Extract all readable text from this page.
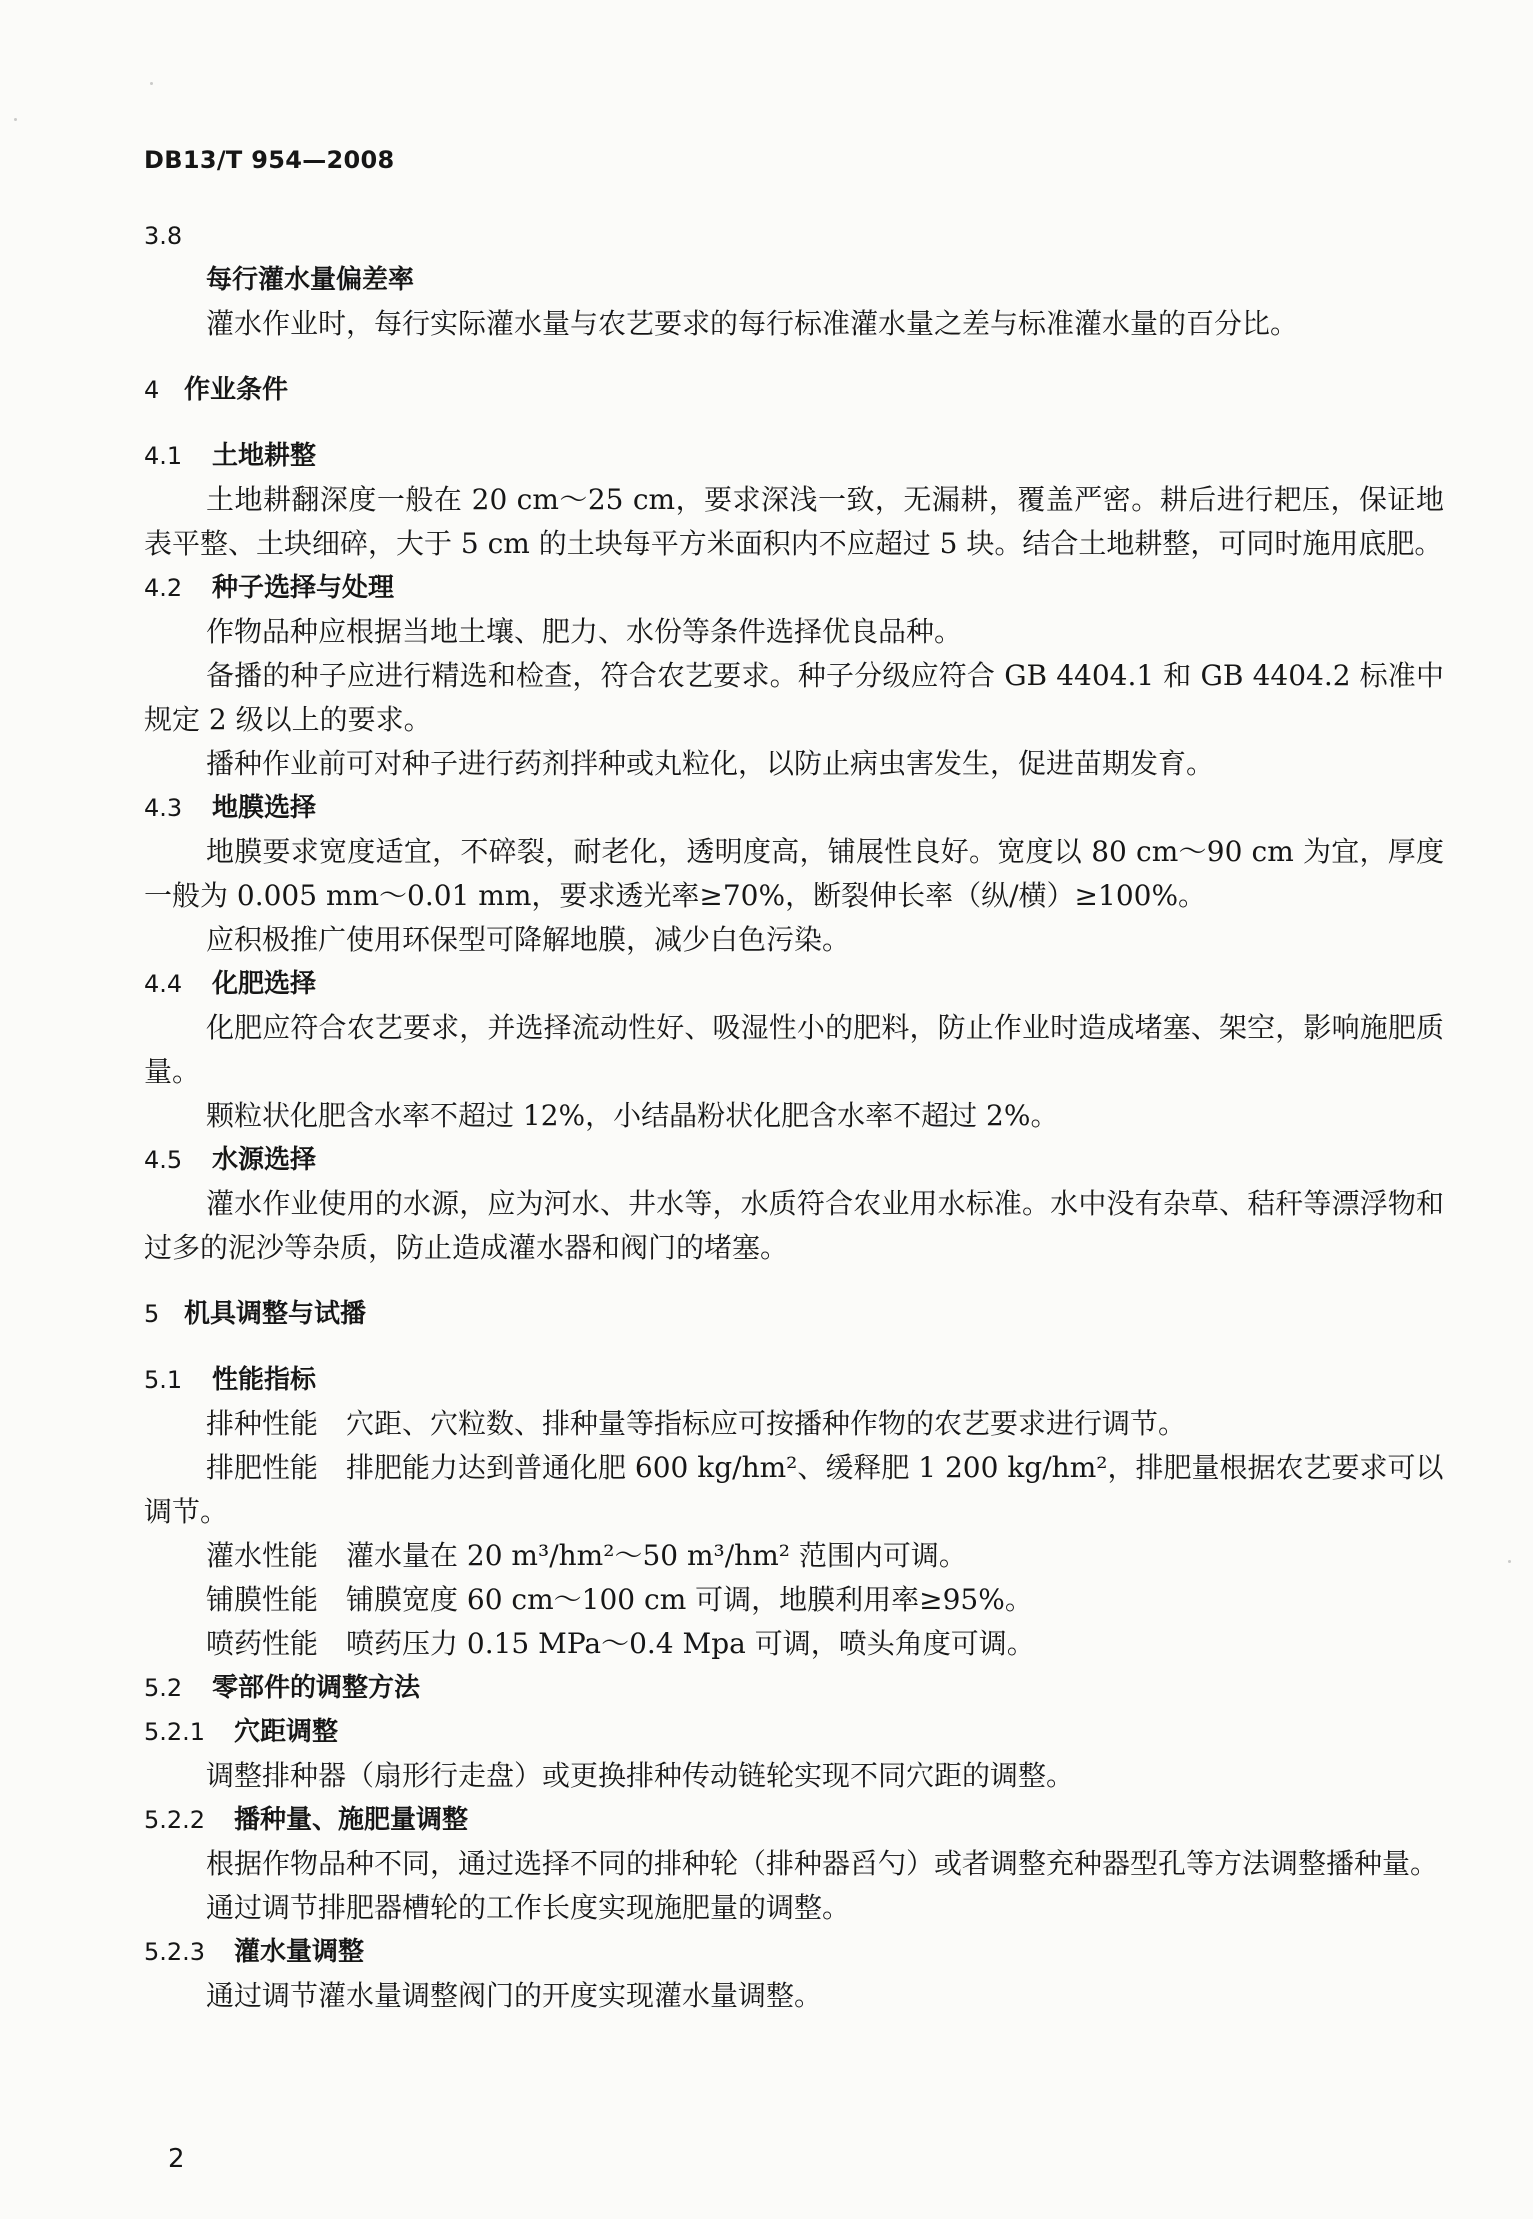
DB13/T 954—2008
3.8
每行灌水量偏差率
灌水作业时，每行实际灌水量与农艺要求的每行标准灌水量之差与标准灌水量的百分比。
4 作业条件
4.1	土地耕整
土地耕翻深度一般在 20 cm～25 cm，要求深浅一致，无漏耕，覆盖严密。耕后进行耙压，保证地表平整、土块细碎，大于 5 cm 的土块每平方米面积内不应超过 5 块。结合土地耕整，可同时施用底肥。
4.2	种子选择与处理
作物品种应根据当地土壤、肥力、水份等条件选择优良品种。
备播的种子应进行精选和检查，符合农艺要求。种子分级应符合 GB 4404.1 和 GB 4404.2 标准中规定 2 级以上的要求。
播种作业前可对种子进行药剂拌种或丸粒化，以防止病虫害发生，促进苗期发育。
4.3	地膜选择
地膜要求宽度适宜，不碎裂，耐老化，透明度高，铺展性良好。宽度以 80 cm～90 cm 为宜，厚度一般为 0.005 mm～0.01 mm，要求透光率≥70%，断裂伸长率（纵/横）≥100%。
应积极推广使用环保型可降解地膜，减少白色污染。
4.4	化肥选择
化肥应符合农艺要求，并选择流动性好、吸湿性小的肥料，防止作业时造成堵塞、架空，影响施肥质量。
颗粒状化肥含水率不超过 12%，小结晶粉状化肥含水率不超过 2%。
4.5	水源选择
灌水作业使用的水源，应为河水、井水等，水质符合农业用水标准。水中没有杂草、秸秆等漂浮物和过多的泥沙等杂质，防止造成灌水器和阀门的堵塞。
5 机具调整与试播
5.1	性能指标
排种性能 穴距、穴粒数、排种量等指标应可按播种作物的农艺要求进行调节。
排肥性能 排肥能力达到普通化肥 600 kg/hm²、缓释肥 1 200 kg/hm²，排肥量根据农艺要求可以调节。
灌水性能 灌水量在 20 m³/hm²～50 m³/hm² 范围内可调。
铺膜性能 铺膜宽度 60 cm～100 cm 可调，地膜利用率≥95%。
喷药性能 喷药压力 0.15 MPa～0.4 Mpa 可调，喷头角度可调。
5.2	零部件的调整方法
5.2.1	穴距调整
调整排种器（扇形行走盘）或更换排种传动链轮实现不同穴距的调整。
5.2.2	播种量、施肥量调整
根据作物品种不同，通过选择不同的排种轮（排种器舀勺）或者调整充种器型孔等方法调整播种量。
通过调节排肥器槽轮的工作长度实现施肥量的调整。
5.2.3	灌水量调整
通过调节灌水量调整阀门的开度实现灌水量调整。
2
